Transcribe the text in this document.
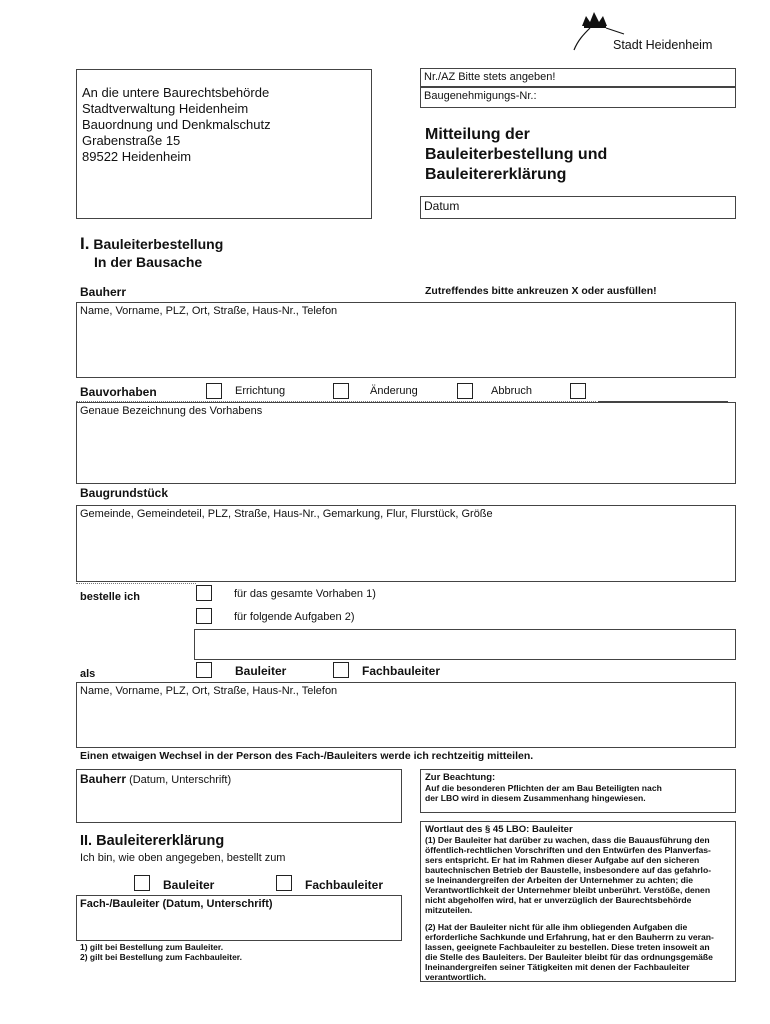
Stadt Heidenheim
An die untere Baurechtsbehörde
Stadtverwaltung Heidenheim
Bauordnung und Denkmalschutz
Grabenstraße 15
89522 Heidenheim
Nr./AZ Bitte stets angeben!
Baugenehmigungs-Nr.:
Mitteilung der
Bauleiterbestellung und
Bauleitererklärung
Datum
I. Bauleiterbestellung
In der Bausache
Bauherr	Zutreffendes bitte ankreuzen X oder ausfüllen!
Name, Vorname, PLZ, Ort, Straße, Haus-Nr., Telefon
Bauvorhaben	Errichtung	Änderung	Abbruch
Genaue Bezeichnung des Vorhabens
Baugrundstück
Gemeinde, Gemeindeteil, PLZ, Straße, Haus-Nr., Gemarkung, Flur, Flurstück, Größe
bestelle ich	für das gesamte Vorhaben 1)
für folgende Aufgaben 2)
als	Bauleiter	Fachbauleiter
Name, Vorname, PLZ, Ort, Straße, Haus-Nr., Telefon
Einen etwaigen Wechsel in der Person des Fach-/Bauleiters werde ich rechtzeitig mitteilen.
Bauherr (Datum, Unterschrift)
II. Bauleitererklärung
Ich bin, wie oben angegeben, bestellt zum
Bauleiter	Fachbauleiter
Fach-/Bauleiter (Datum, Unterschrift)
1) gilt bei Bestellung zum Bauleiter.
2) gilt bei Bestellung zum Fachbauleiter.
Zur Beachtung:
Auf die besonderen Pflichten der am Bau Beteiligten nach
der LBO wird in diesem Zusammenhang hingewiesen.
Wortlaut des § 45 LBO: Bauleiter
(1) Der Bauleiter hat darüber zu wachen, dass die Bauausführung den
öffentlich-rechtlichen Vorschriften und den Entwürfen des Planverfas-
sers entspricht. Er hat im Rahmen dieser Aufgabe auf den sicheren
bautechnischen Betrieb der Baustelle, insbesondere auf das gefahrlo-
se Ineinandergreifen der Arbeiten der Unternehmer zu achten; die
Verantwortlichkeit der Unternehmer bleibt unberührt. Verstöße, denen
nicht abgeholfen wird, hat er unverzüglich der Baurechtsbehörde
mitzuteilen.
(2) Hat der Bauleiter nicht für alle ihm obliegenden Aufgaben die
erforderliche Sachkunde und Erfahrung, hat er den Bauherrn zu veran-
lassen, geeignete Fachbauleiter zu bestellen. Diese treten insoweit an
die Stelle des Bauleiters. Der Bauleiter bleibt für das ordnungsgemäße
Ineinandergreifen seiner Tätigkeiten mit denen der Fachbauleiter
verantwortlich.
